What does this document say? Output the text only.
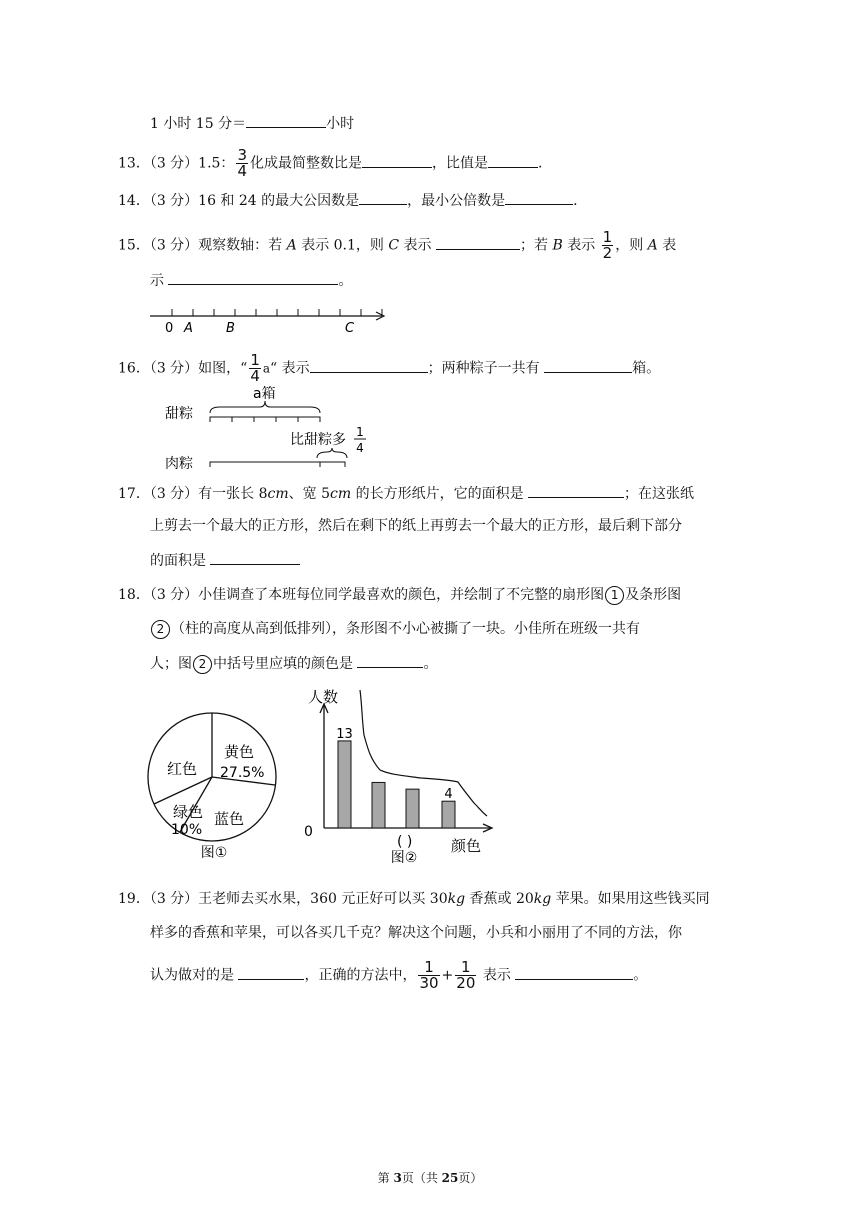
1 小时 15 分＝	小时
13．（3 分）1.5： $\frac{3}{4}$ 化成最简整数比是	，比值是	.
14．（3 分）16 和 24 的最大公因数是	，最小公倍数是	.
15．（3 分）观察数轴：若 A 表示 0.1，则 C 表示	；若 B 表示 $\frac{1}{2}$ ，则 A 表
示	。
0 A	B	C
16．（3 分）如图，“ $\frac{1}{4}$ a“ 表示	；两种粽子一共有	箱。
甜粽
a箱
比甜粽多 1
4
肉粽
17．（3 分）有一张长 8cm、宽 5cm 的长方形纸片，它的面积是	；在这张纸
上剪去一个最大的正方形，然后在剩下的纸上再剪去一个最大的正方形，最后剩下部分
的面积是
18．（3 分）小佳调查了本班每位同学最喜欢的颜色，并绘制了不完整的扇形图 1 及条形图
2 （柱的高度从高到低排列），条形图不小心被撕了一块。小佳所在班级一共有
人；图 2 中括号里应填的颜色是	。
红色
黄色
27.5%
绿色
10%
蓝色
图①
人数
0
颜色
( )
图②
13
4
19．（3 分）王老师去买水果，360 元正好可以买 30kg 香蕉或 20kg 苹果。如果用这些钱买同
样多的香蕉和苹果，可以各买几千克？解决这个问题，小兵和小丽用了不同的方法，你
认为做对的是	，正确的方法中， $\frac{1}{30} + \frac{1}{20}$ 表示	。
第 3页（共 25页）
